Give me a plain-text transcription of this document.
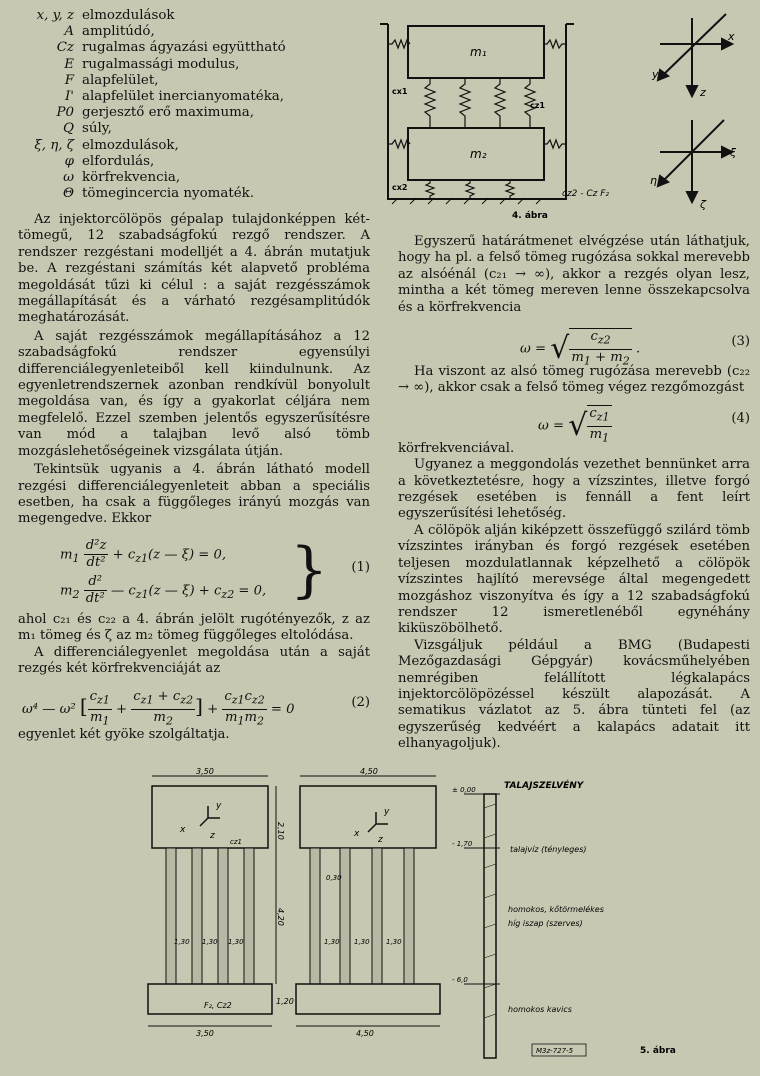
x, y, z elmozdulások
A amplitúdó,
Cz rugalmas ágyazási együttható
E rugalmassági modulus,
F alapfelület,
I' alapfelület inercianyomatéka,
P0 gerjesztő erő maximuma,
Q súly,
ξ, η, ζ elmozdulások,
φ elfordulás,
ω körfrekvencia,
Θ tömegincercia nyomaték.

Az injektorcölöpös gépalap tulajdonképpen két-tömegű, 12 szabadságfokú rezgő rendszer. A rendszer rezgéstani modelljét a 4. ábrán mutatjuk be. A rezgéstani számítás két alapvető probléma megoldását tűzi ki célul : a saját rezgésszámok megállapítását és a várható rezgésamplitúdók meghatározását.

A saját rezgésszámok megállapításához a 12 szabadságfokú rendszer egyensúlyi differenciálegyenleteiből kell kiindulnunk. Az egyenletrendszernek azonban rendkívül bonyolult megoldása van, és így a gyakorlat céljára nem megfelelő. Ezzel szemben jelentős egyszerűsítésre van mód a talajban levő alsó tömb mozgáslehetőségeinek vizsgálata útján.

Tekintsük ugyanis a 4. ábrán látható modell rezgési differenciálegyenleteit abban a speciális esetben, ha csak a függőleges irányú mozgás van megengedve. Ekkor

$m_1 \frac{\text{d²z}}{\text{dt²}} + c_{z1}(z$ — ξ) = 0,
$m_2 \frac{\text{d²}}{\text{dt²}}$ — $c_{z1}(z$ — $\xi) + c_{z2} = 0$, } (1)

ahol c₂₁ és c₂₂ a 4. ábrán jelölt rugótényezők, z az m₁ tömeg és ζ az m₂ tömeg függőleges eltolódása.

A differenciálegyenlet megoldása után a saját rezgés két körfrekvenciáját az

ω⁴ — ω² [ $\frac{c_{z1}}{m_1} + \frac{c_{z1} + c_{z2}}{m_2}$ ] + $\frac{c_{z1}c_{z2}}{m_1m_2} = 0$	(2)

egyenlet két gyöke szolgáltatja.

Egyszerű határátmenet elvégzése után láthatjuk, hogy ha pl. a felső tömeg rugózása sokkal merevebb az alsóénál (c₂₁ → ∞), akkor a rezgés olyan lesz, mintha a két tömeg mereven lenne összekapcsolva és a körfrekvencia

ω = √ $\frac{c_{z2}}{m_1 + m_2}$ .
(3)

Ha viszont az alsó tömeg rugózása merevebb (c₂₂ → ∞), akkor csak a felső tömeg végez rezgőmozgást

ω = √ $\frac{c_{z1}}{m_1}$	(4)

körfrekvenciával.

Ugyanez a meggondolás vezethet bennünket arra a következtetésre, hogy a vízszintes, illetve forgó rezgések esetében is fennáll a fent leírt egyszerűsítési lehetőség.

A cölöpök alján kiképzett összefüggő szilárd tömb vízszintes irányban és forgó rezgések esetében teljesen mozdulatlannak képzelhető a cölöpök vízszintes hajlító merevsége által megengedett mozgáshoz viszonyítva és így a 12 szabadságfokú rendszer 12 ismeretlenéből egynéhány kiküszöbölhető.

Vizsgáljuk például a BMG (Budapesti Mezőgazdasági Gépgyár) kovácsműhelyében nemrégiben felállított légkalapács injektorcölöpözéssel készült alapozását. A sematikus vázlatot az 5. ábra tünteti fel (az egyszerűség kedvéért a kalapács adatait itt elhanyagoljuk).

m₁
m₂
cx1
cz1
cx2
cz2 - Cz F₂
4. ábra
x
y
z
ξ
η
ζ
3,50
y
x
z
cz1
2,10
1,30 1,30 1,30
4,20
F₂, Cz2	1,20
3,50
4,50
y
x
z
0,30
1,30 1,30 1,30
4,50
TALAJSZELVÉNY
± 0,00
- 1,70
- 6,0
talajvíz (tényleges)
homokos, kőtörmelékes
híg iszap (szerves)
homokos kavics
M3z-727-5	5. ábra
